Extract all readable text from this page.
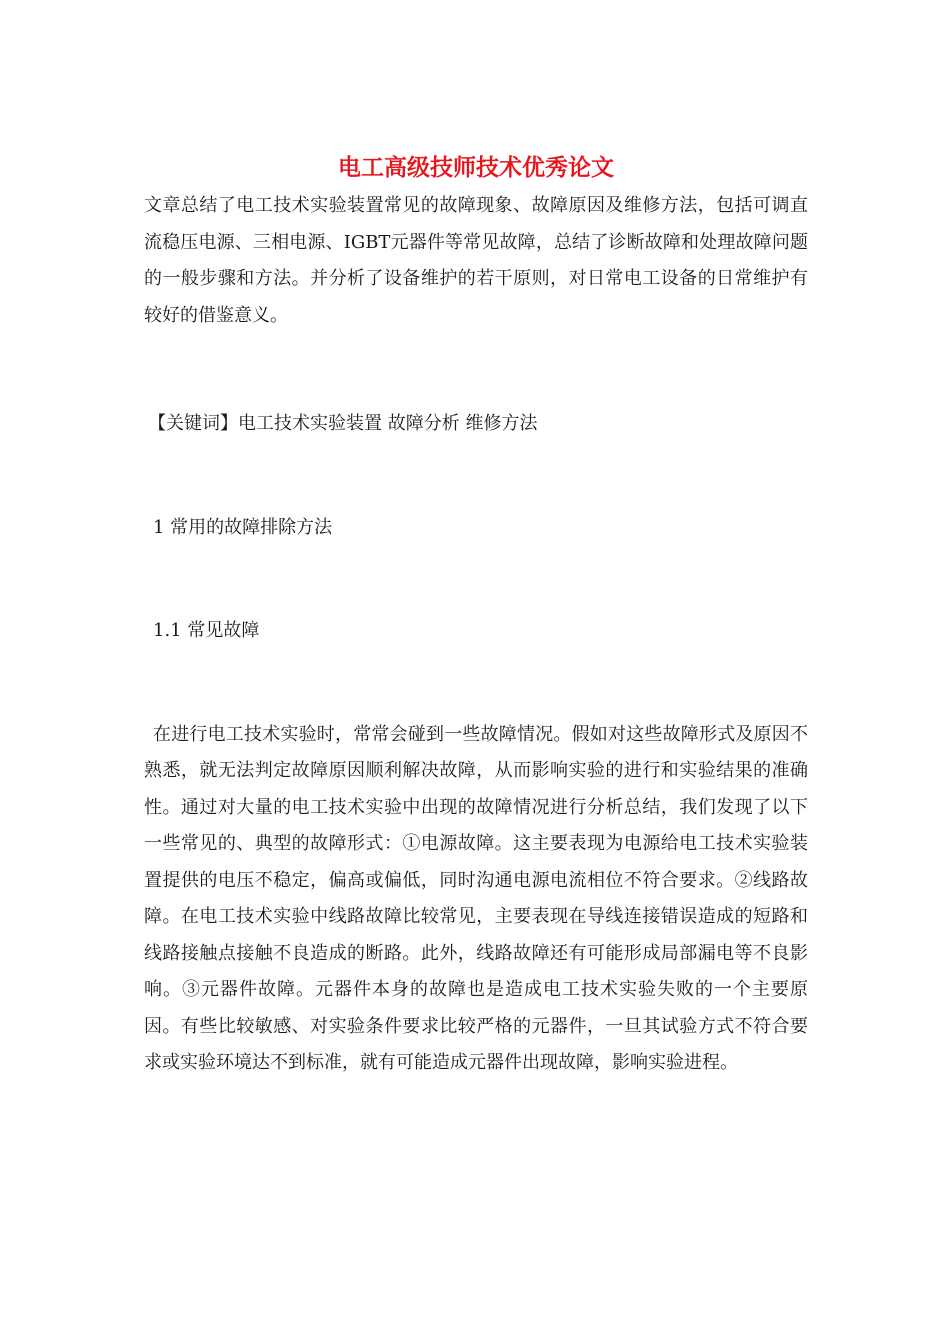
电工高级技师技术优秀论文

文章总结了电工技术实验装置常见的故障现象、故障原因及维修方法，包括可调直流稳压电源、三相电源、IGBT元器件等常见故障，总结了诊断故障和处理故障问题的一般步骤和方法。并分析了设备维护的若干原则，对日常电工设备的日常维护有较好的借鉴意义。

【关键词】电工技术实验装置 故障分析 维修方法

1 常用的故障排除方法

1.1 常见故障

在进行电工技术实验时，常常会碰到一些故障情况。假如对这些故障形式及原因不熟悉，就无法判定故障原因顺利解决故障，从而影响实验的进行和实验结果的准确性。通过对大量的电工技术实验中出现的故障情况进行分析总结，我们发现了以下一些常见的、典型的故障形式：①电源故障。这主要表现为电源给电工技术实验装置提供的电压不稳定，偏高或偏低，同时沟通电源电流相位不符合要求。②线路故障。在电工技术实验中线路故障比较常见，主要表现在导线连接错误造成的短路和线路接触点接触不良造成的断路。此外，线路故障还有可能形成局部漏电等不良影响。③元器件故障。元器件本身的故障也是造成电工技术实验失败的一个主要原因。有些比较敏感、对实验条件要求比较严格的元器件，一旦其试验方式不符合要求或实验环境达不到标准，就有可能造成元器件出现故障，影响实验进程。
